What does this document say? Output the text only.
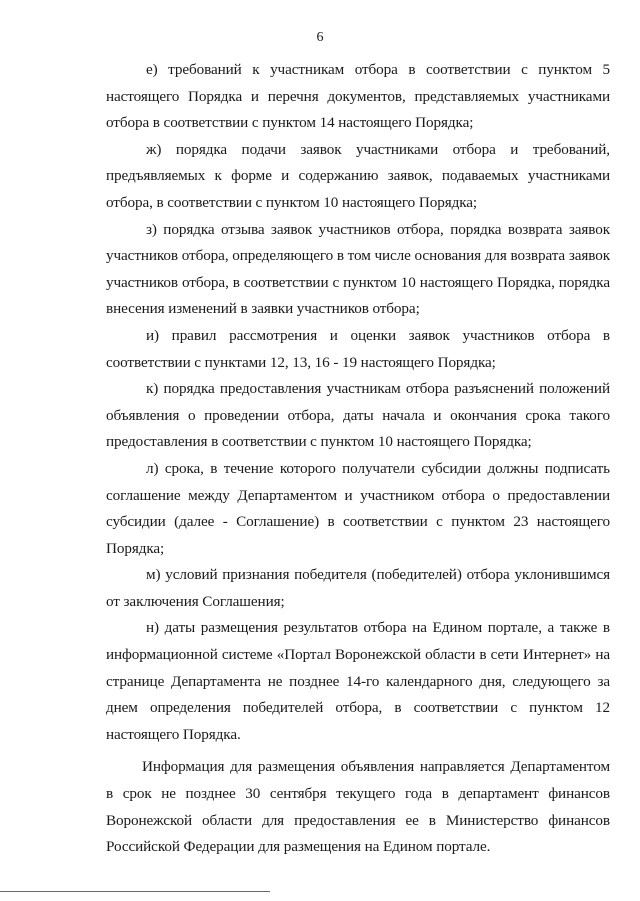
6

е) требований к участникам отбора в соответствии с пунктом 5 настоящего Порядка и перечня документов, представляемых участниками отбора в соответствии с пунктом 14 настоящего Порядка;

ж) порядка подачи заявок участниками отбора и требований, предъявляемых к форме и содержанию заявок, подаваемых участниками отбора, в соответствии с пунктом 10 настоящего Порядка;

з) порядка отзыва заявок участников отбора, порядка возврата заявок участников отбора, определяющего в том числе основания для возврата заявок участников отбора, в соответствии с пунктом 10 настоящего Порядка, порядка внесения изменений в заявки участников отбора;

и) правил рассмотрения и оценки заявок участников отбора в соответствии с пунктами 12, 13, 16 - 19 настоящего Порядка;

к) порядка предоставления участникам отбора разъяснений положений объявления о проведении отбора, даты начала и окончания срока такого предоставления в соответствии с пунктом 10 настоящего Порядка;

л) срока, в течение которого получатели субсидии должны подписать соглашение между Департаментом и участником отбора о предоставлении субсидии (далее - Соглашение) в соответствии с пунктом 23 настоящего Порядка;

м) условий признания победителя (победителей) отбора уклонившимся от заключения Соглашения;

н) даты размещения результатов отбора на Едином портале, а также в информационной системе «Портал Воронежской области в сети Интернет» на странице Департамента не позднее 14-го календарного дня, следующего за днем определения победителей отбора, в соответствии с пунктом 12 настоящего Порядка.

Информация для размещения объявления направляется Департаментом в срок не позднее 30 сентября текущего года в департамент финансов Воронежской области для предоставления ее в Министерство финансов Российской Федерации для размещения на Едином портале.
